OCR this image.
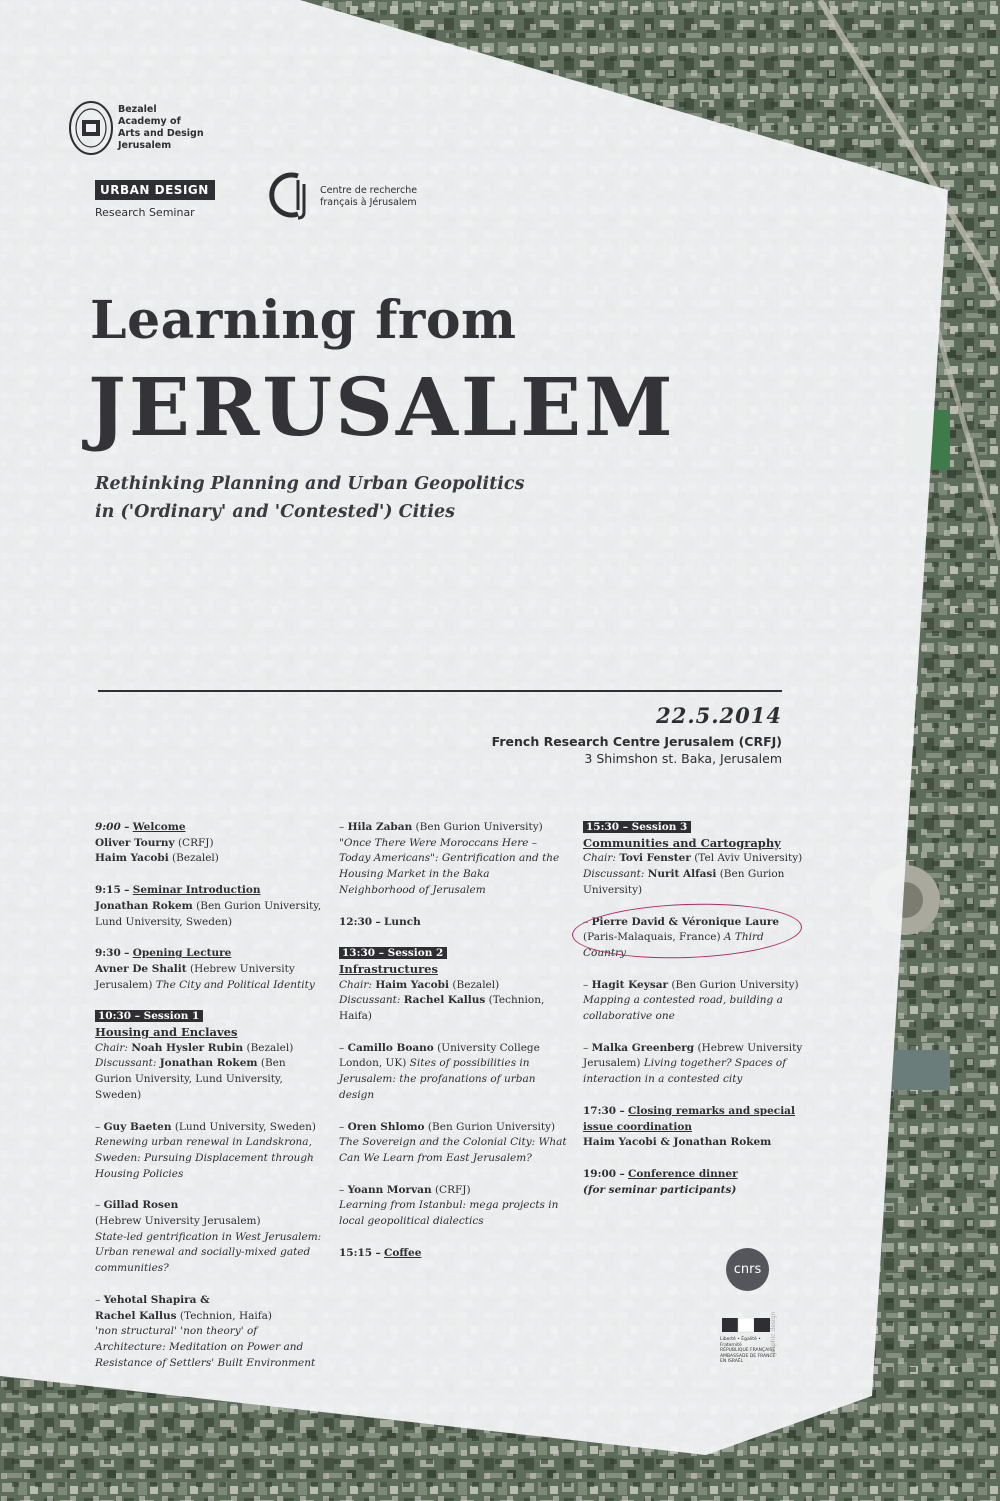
Bezalel
Academy of
Arts and Design
Jerusalem
URBAN DESIGN
Research Seminar
Centre de recherche
français à Jérusalem
Learning from
JERUSALEM
Rethinking Planning and Urban Geopolitics
in ('Ordinary' and 'Contested') Cities
22.5.2014
French Research Centre Jerusalem (CRFJ)
3 Shimshon st. Baka, Jerusalem
9:00 – Welcome
Oliver Tourny (CRFJ)
Haim Yacobi (Bezalel)
9:15 – Seminar Introduction
Jonathan Rokem (Ben Gurion University, Lund University, Sweden)
9:30 – Opening Lecture
Avner De Shalit (Hebrew University Jerusalem) The City and Political Identity
10:30 – Session 1
Housing and Enclaves
Chair: Noah Hysler Rubin (Bezalel)
Discussant: Jonathan Rokem (Ben Gurion University, Lund University, Sweden)
– Guy Baeten (Lund University, Sweden)
Renewing urban renewal in Landskrona, Sweden: Pursuing Displacement through Housing Policies
– Gillad Rosen
(Hebrew University Jerusalem)
State-led gentrification in West Jerusalem: Urban renewal and socially-mixed gated communities?
– Yehotal Shapira &
Rachel Kallus (Technion, Haifa)
'non structural' 'non theory' of Architecture: Meditation on Power and Resistance of Settlers' Built Environment
– Hila Zaban (Ben Gurion University)
"Once There Were Moroccans Here – Today Americans": Gentrification and the Housing Market in the Baka Neighborhood of Jerusalem
12:30 – Lunch
13:30 – Session 2
Infrastructures
Chair: Haim Yacobi (Bezalel)
Discussant: Rachel Kallus (Technion, Haifa)
– Camillo Boano (University College London, UK) Sites of possibilities in Jerusalem: the profanations of urban design
– Oren Shlomo (Ben Gurion University)
The Sovereign and the Colonial City: What Can We Learn from East Jerusalem?
– Yoann Morvan (CRFJ)
Learning from Istanbul: mega projects in local geopolitical dialectics
15:15 – Coffee
15:30 – Session 3
Communities and Cartography
Chair: Tovi Fenster (Tel Aviv University)
Discussant: Nurit Alfasi (Ben Gurion University)
– Pierre David & Véronique Laure
(Paris-Malaquais, France) A Third Country
– Hagit Keysar (Ben Gurion University)
Mapping a contested road, building a collaborative one
– Malka Greenberg (Hebrew University Jerusalem) Living together? Spaces of interaction in a contested city
17:30 – Closing remarks and special issue coordination
Haim Yacobi & Jonathan Rokem
19:00 – Conference dinner
(for seminar participants)
cnrs
Liberté • Égalité • Fraternité
RÉPUBLIQUE FRANÇAISE
AMBASSADE DE FRANCE
EN ISRAËL
graphic design
